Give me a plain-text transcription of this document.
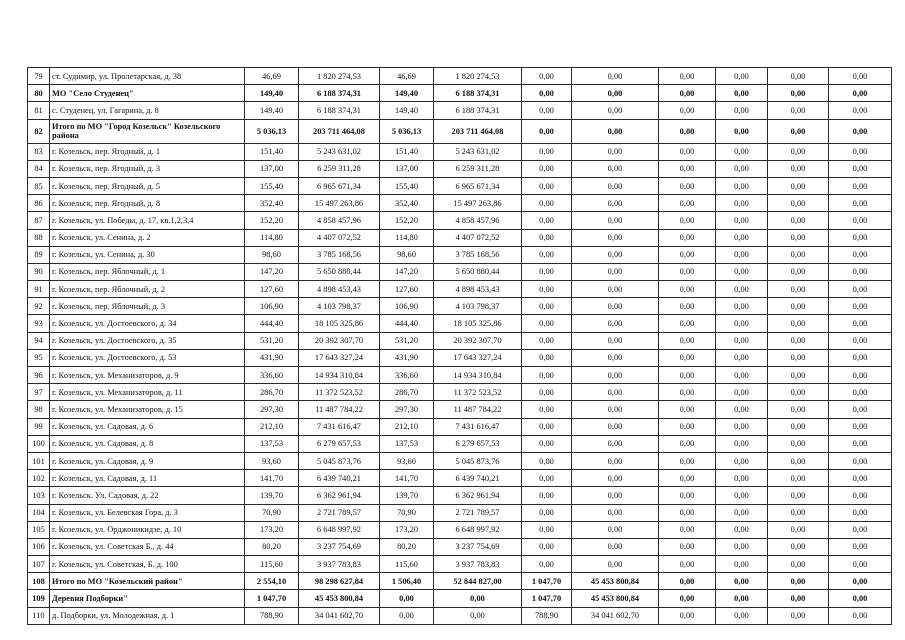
79	ст. Судимир, ул. Пролетарская, д. 38	46,69	1 820 274,53	46,69	1 820 274,53	0,00	0,00	0,00	0,00	0,00	0,00
80	МО "Село Студенец"	149,40	6 188 374,31	149,40	6 188 374,31	0,00	0,00	0,00	0,00	0,00	0,00
81	с. Студенец, ул. Гагарина, д. 8	149,40	6 188 374,31	149,40	6 188 374,31	0,00	0,00	0,00	0,00	0,00	0,00
82	Итого по МО "Город Козельск" Козельского района	5 036,13	203 711 464,08	5 036,13	203 711 464,08	0,00	0,00	0,00	0,00	0,00	0,00
83	г. Козельск, пер. Ягодный, д. 1	151,40	5 243 631,02	151,40	5 243 631,02	0,00	0,00	0,00	0,00	0,00	0,00
84	г. Козельск, пер. Ягодный, д. 3	137,00	6 259 311,28	137,00	6 259 311,28	0,00	0,00	0,00	0,00	0,00	0,00
85	г. Козельск, пер. Ягодный, д. 5	155,40	6 965 671,34	155,40	6 965 671,34	0,00	0,00	0,00	0,00	0,00	0,00
86	г. Козельск, пер. Ягодный, д. 8	352,40	15 497 263,86	352,40	15 497 263,86	0,00	0,00	0,00	0,00	0,00	0,00
87	г. Козельск, ул. Победы, д. 17, кв.1,2,3,4	152,20	4 858 457,96	152,20	4 858 457,96	0,00	0,00	0,00	0,00	0,00	0,00
88	г. Козельск, ул. Сенина, д. 2	114,80	4 407 072,52	114,80	4 407 072,52	0,00	0,00	0,00	0,00	0,00	0,00
89	г. Козельск, ул. Сенина, д. 30	98,60	3 785 168,56	98,60	3 785 168,56	0,00	0,00	0,00	0,00	0,00	0,00
90	г. Козельск, пер. Яблочный, д. 1	147,20	5 650 880,44	147,20	5 650 880,44	0,00	0,00	0,00	0,00	0,00	0,00
91	г. Козельск, пер. Яблочный, д. 2	127,60	4 898 453,43	127,60	4 898 453,43	0,00	0,00	0,00	0,00	0,00	0,00
92	г. Козельск, пер. Яблочный, д. 3	106,90	4 103 798,37	106,90	4 103 798,37	0,00	0,00	0,00	0,00	0,00	0,00
93	г. Козельск, ул. Достоевского, д. 34	444,40	18 105 325,86	444,40	18 105 325,86	0,00	0,00	0,00	0,00	0,00	0,00
94	г. Козельск, ул. Достоевского, д. 35	531,20	20 392 307,70	531,20	20 392 307,70	0,00	0,00	0,00	0,00	0,00	0,00
95	г. Козельск, ул. Достоевского, д. 53	431,90	17 643 327,24	431,90	17 643 327,24	0,00	0,00	0,00	0,00	0,00	0,00
96	г. Козельск, ул. Механизаторов, д. 9	336,60	14 934 310,84	336,60	14 934 310,84	0,00	0,00	0,00	0,00	0,00	0,00
97	г. Козельск, ул. Механизаторов, д. 11	286,70	11 372 523,52	286,70	11 372 523,52	0,00	0,00	0,00	0,00	0,00	0,00
98	г. Козельск, ул. Механизаторов, д. 15	297,30	11 487 784,22	297,30	11 487 784,22	0,00	0,00	0,00	0,00	0,00	0,00
99	г. Козельск, ул. Садовая, д. 6	212,10	7 431 616,47	212,10	7 431 616,47	0,00	0,00	0,00	0,00	0,00	0,00
100	г. Козельск, ул. Садовая, д. 8	137,53	6 279 657,53	137,53	6 279 657,53	0,00	0,00	0,00	0,00	0,00	0,00
101	г. Козельск, ул. Садовая, д. 9	93,60	5 045 873,76	93,60	5 045 873,76	0,00	0,00	0,00	0,00	0,00	0,00
102	г. Козельск, ул. Садовая, д. 11	141,70	6 439 740,21	141,70	6 439 740,21	0,00	0,00	0,00	0,00	0,00	0,00
103	г. Козельск. Ул. Садовая, д. 22	139,70	6 362 961,94	139,70	6 362 961,94	0,00	0,00	0,00	0,00	0,00	0,00
104	г. Козельск, ул. Белевская Гора, д. 3	70,90	2 721 789,57	70,90	2 721 789,57	0,00	0,00	0,00	0,00	0,00	0,00
105	г. Козельск, ул. Орджоникидзе, д. 10	173,20	6 648 997,92	173,20	6 648 997,92	0,00	0,00	0,00	0,00	0,00	0,00
106	г. Козельск, ул. Советская Б., д. 44	80,20	3 237 754,69	80,20	3 237 754,69	0,00	0,00	0,00	0,00	0,00	0,00
107	г. Козельск, ул. Советская, Б. д. 100	115,60	3 937 783,83	115,60	3 937 783,83	0,00	0,00	0,00	0,00	0,00	0,00
108	Итого по МО "Козельский район"	2 554,10	98 298 627,84	1 506,40	52 844 827,00	1 047,70	45 453 800,84	0,00	0,00	0,00	0,00
109	Деревня Подборки"	1 047,70	45 453 800,84	0,00	0,00	1 047,70	45 453 800,84	0,00	0,00	0,00	0,00
110	д. Подборки, ул. Молодежная, д. 1	788,90	34 041 602,70	0,00	0,00	788,90	34 041 602,70	0,00	0,00	0,00	0,00
